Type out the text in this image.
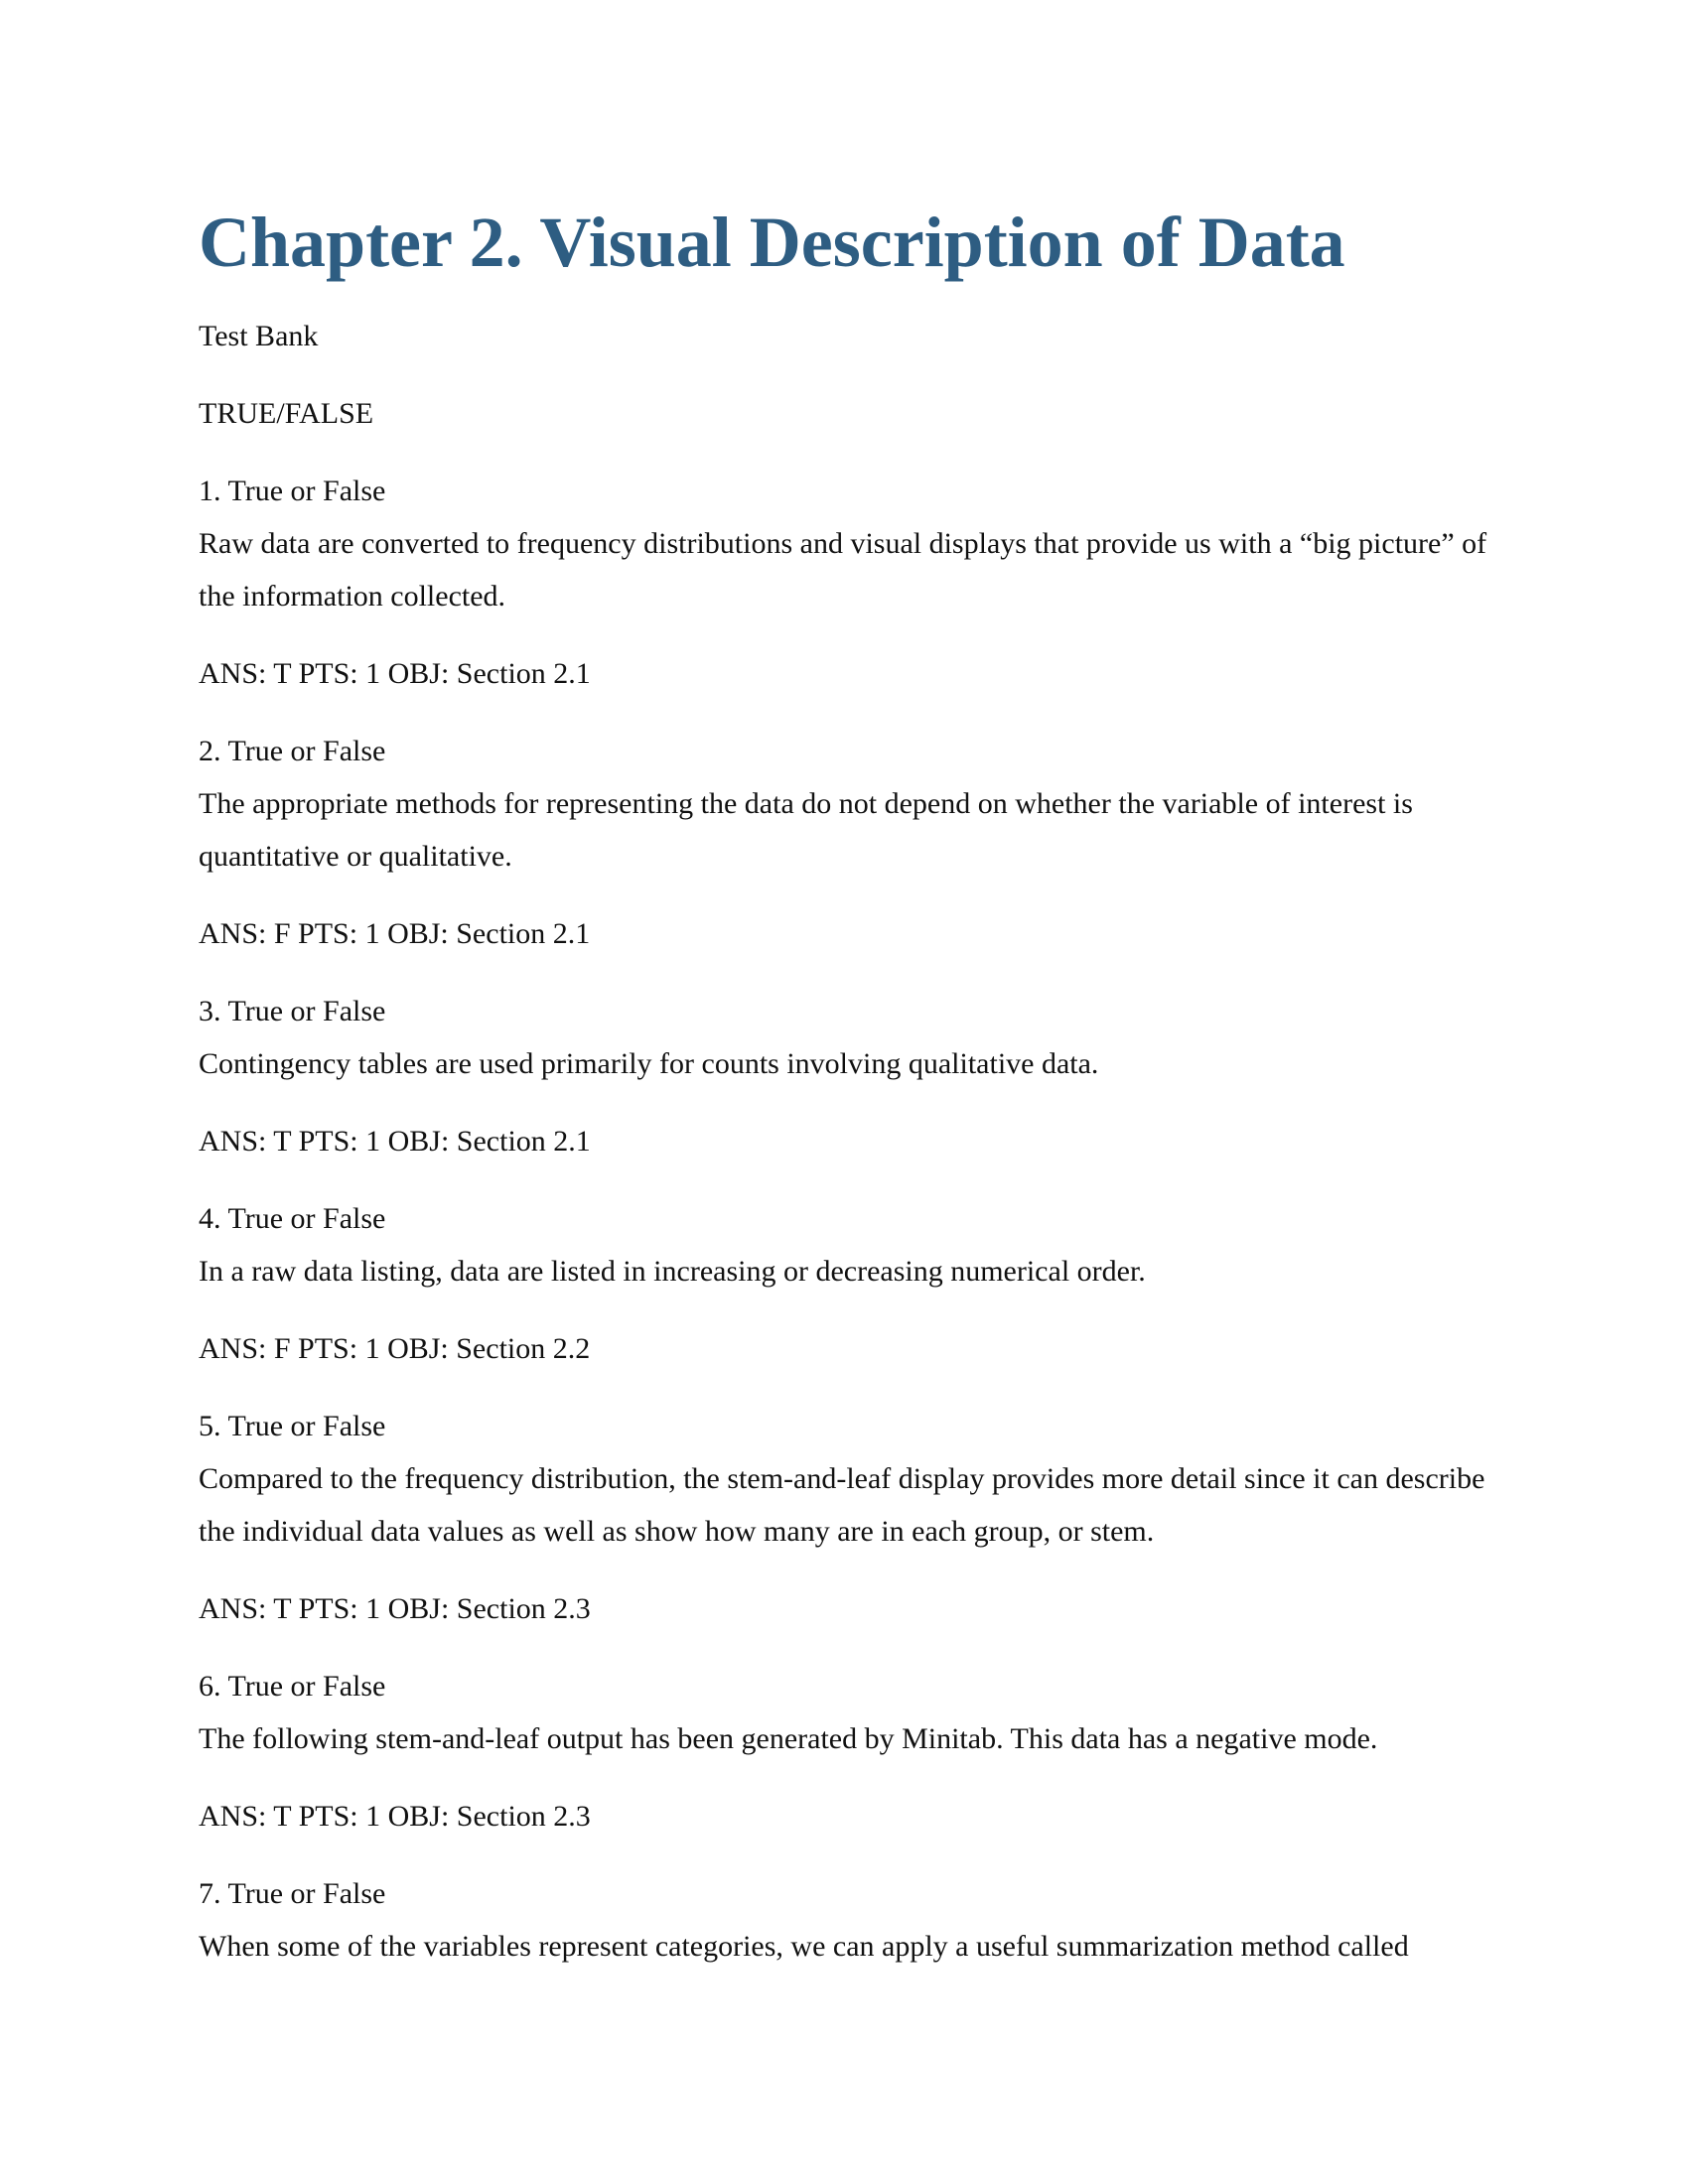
Chapter 2. Visual Description of Data

Test Bank

TRUE/FALSE

1. True or False

Raw data are converted to frequency distributions and visual displays that provide us with a “big picture” of the information collected.

ANS: T PTS: 1 OBJ: Section 2.1

2. True or False

The appropriate methods for representing the data do not depend on whether the variable of interest is quantitative or qualitative.

ANS: F PTS: 1 OBJ: Section 2.1

3. True or False

Contingency tables are used primarily for counts involving qualitative data.

ANS: T PTS: 1 OBJ: Section 2.1

4. True or False

In a raw data listing, data are listed in increasing or decreasing numerical order.

ANS: F PTS: 1 OBJ: Section 2.2

5. True or False

Compared to the frequency distribution, the stem-and-leaf display provides more detail since it can describe the individual data values as well as show how many are in each group, or stem.

ANS: T PTS: 1 OBJ: Section 2.3

6. True or False

The following stem-and-leaf output has been generated by Minitab. This data has a negative mode.

ANS: T PTS: 1 OBJ: Section 2.3

7. True or False

When some of the variables represent categories, we can apply a useful summarization method called
